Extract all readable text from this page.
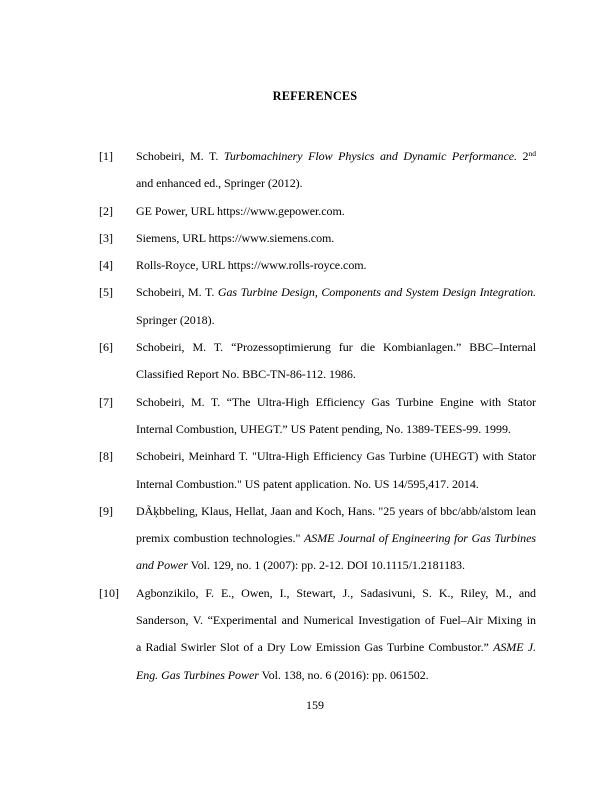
REFERENCES
[1] Schobeiri, M. T. Turbomachinery Flow Physics and Dynamic Performance. 2nd
and enhanced ed., Springer (2012).
[2] GE Power, URL https://www.gepower.com.
[3] Siemens, URL https://www.siemens.com.
[4] Rolls-Royce, URL https://www.rolls-royce.com.
[5] Schobeiri, M. T. Gas Turbine Design, Components and System Design Integration.
Springer (2018).
[6] Schobeiri, M. T. “Prozessoptimierung fur die Kombianlagen.” BBC–Internal
Classified Report No. BBC-TN-86-112. 1986.
[7] Schobeiri, M. T. “The Ultra-High Efficiency Gas Turbine Engine with Stator
Internal Combustion, UHEGT.” US Patent pending, No. 1389-TEES-99. 1999.
[8] Schobeiri, Meinhard T. "Ultra-High Efficiency Gas Turbine (UHEGT) with Stator
Internal Combustion." US patent application. No. US 14/595,417. 2014.
[9] DÃķbbeling, Klaus, Hellat, Jaan and Koch, Hans. "25 years of bbc/abb/alstom lean
premix combustion technologies." ASME Journal of Engineering for Gas Turbines
and Power Vol. 129, no. 1 (2007): pp. 2-12. DOI 10.1115/1.2181183.
[10] Agbonzikilo, F. E., Owen, I., Stewart, J., Sadasivuni, S. K., Riley, M., and
Sanderson, V. “Experimental and Numerical Investigation of Fuel–Air Mixing in
a Radial Swirler Slot of a Dry Low Emission Gas Turbine Combustor.” ASME J.
Eng. Gas Turbines Power Vol. 138, no. 6 (2016): pp. 061502.
159
